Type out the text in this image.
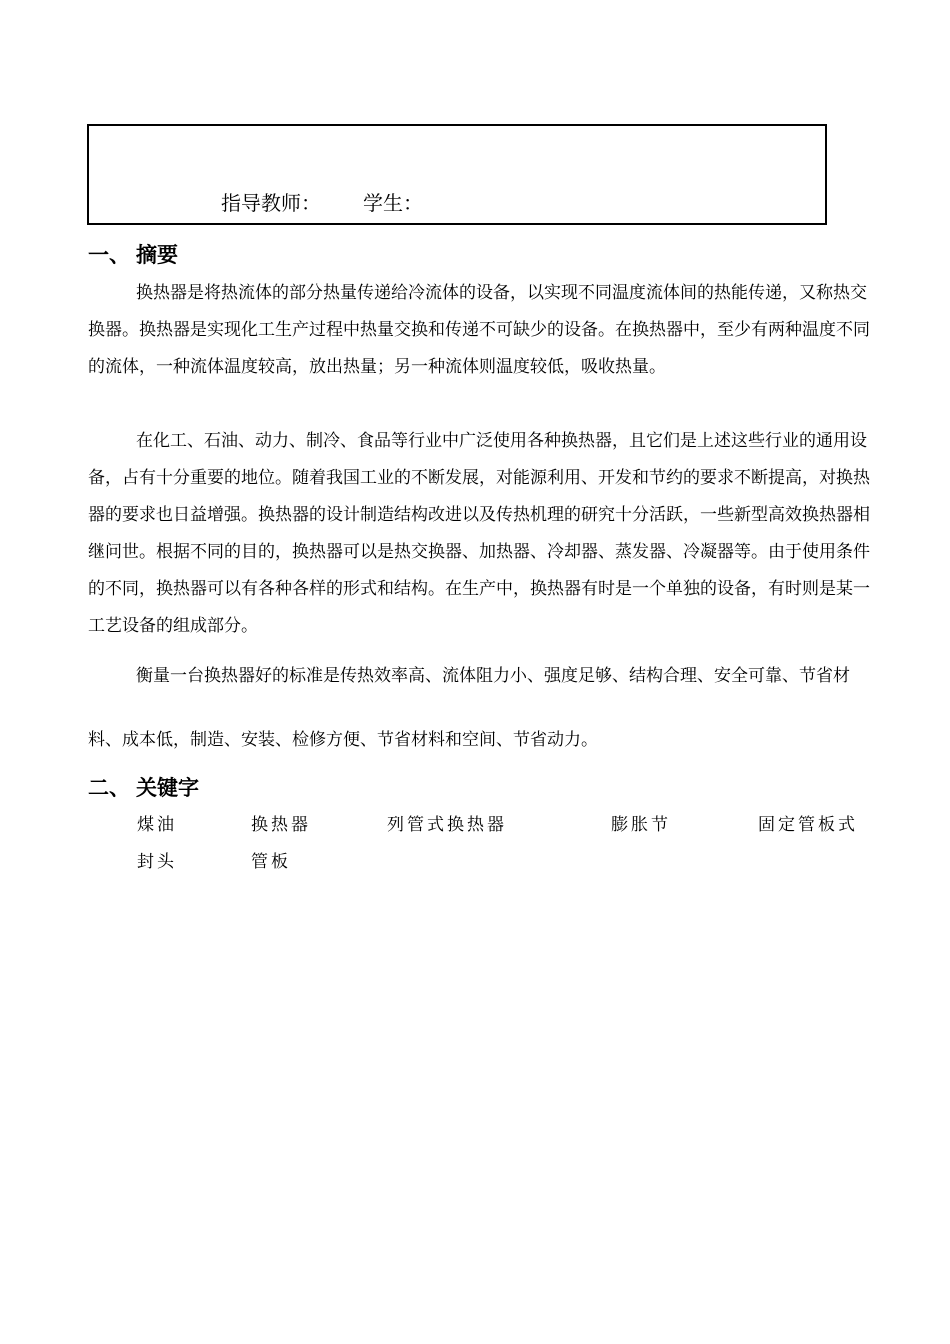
指导教师： 学生：
一、 摘要

换热器是将热流体的部分热量传递给冷流体的设备，以实现不同温度流体间的热能传递，又称热交换器。换热器是实现化工生产过程中热量交换和传递不可缺少的设备。在换热器中，至少有两种温度不同的流体，一种流体温度较高，放出热量；另一种流体则温度较低，吸收热量。

在化工、石油、动力、制冷、食品等行业中广泛使用各种换热器，且它们是上述这些行业的通用设备，占有十分重要的地位。随着我国工业的不断发展，对能源利用、开发和节约的要求不断提高，对换热器的要求也日益增强。换热器的设计制造结构改进以及传热机理的研究十分活跃，一些新型高效换热器相继问世。根据不同的目的，换热器可以是热交换器、加热器、冷却器、蒸发器、冷凝器等。由于使用条件的不同，换热器可以有各种各样的形式和结构。在生产中，换热器有时是一个单独的设备，有时则是某一工艺设备的组成部分。

衡量一台换热器好的标准是传热效率高、流体阻力小、强度足够、结构合理、安全可靠、节省材料、成本低，制造、安装、检修方便、节省材料和空间、节省动力。

二、 关键字
煤油	换热器	列管式换热器	膨胀节	固定管板式
封头	管板
